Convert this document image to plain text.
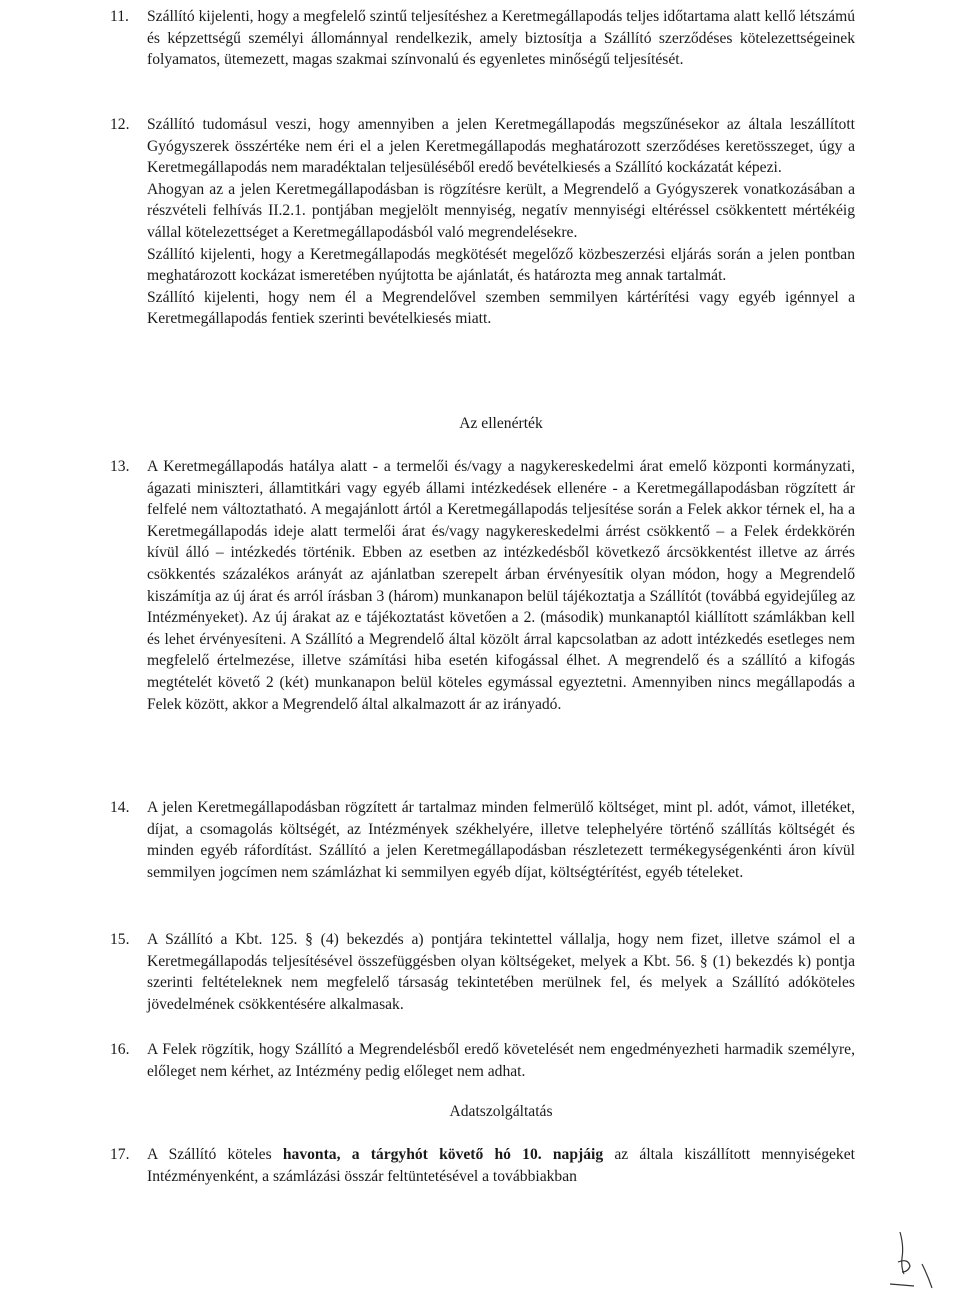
11. Szállító kijelenti, hogy a megfelelő szintű teljesítéshez a Keretmegállapodás teljes időtartama alatt kellő létszámú és képzettségű személyi állománnyal rendelkezik, amely biztosítja a Szállító szerződéses kötelezettségeinek folyamatos, ütemezett, magas szakmai színvonalú és egyenletes minőségű teljesítését.

12. Szállító tudomásul veszi, hogy amennyiben a jelen Keretmegállapodás megszűnésekor az általa leszállított Gyógyszerek összértéke nem éri el a jelen Keretmegállapodás meghatározott szerződéses keretösszeget, úgy a Keretmegállapodás nem maradéktalan teljesüléséből eredő bevételkiesés a Szállító kockázatát képezi.

Ahogyan az a jelen Keretmegállapodásban is rögzítésre került, a Megrendelő a Gyógyszerek vonatkozásában a részvételi felhívás II.2.1. pontjában megjelölt mennyiség, negatív mennyiségi eltéréssel csökkentett mértékéig vállal kötelezettséget a Keretmegállapodásból való megrendelésekre.

Szállító kijelenti, hogy a Keretmegállapodás megkötését megelőző közbeszerzési eljárás során a jelen pontban meghatározott kockázat ismeretében nyújtotta be ajánlatát, és határozta meg annak tartalmát.

Szállító kijelenti, hogy nem él a Megrendelővel szemben semmilyen kártérítési vagy egyéb igénnyel a Keretmegállapodás fentiek szerinti bevételkiesés miatt.

Az ellenérték
13. A Keretmegállapodás hatálya alatt - a termelői és/vagy a nagykereskedelmi árat emelő központi kormányzati, ágazati miniszteri, államtitkári vagy egyéb állami intézkedések ellenére - a Keretmegállapodásban rögzített ár felfelé nem változtatható. A megajánlott ártól a Keretmegállapodás teljesítése során a Felek akkor térnek el, ha a Keretmegállapodás ideje alatt termelői árat és/vagy nagykereskedelmi árrést csökkentő – a Felek érdekkörén kívül álló – intézkedés történik. Ebben az esetben az intézkedésből következő árcsökkentést illetve az árrés csökkentés százalékos arányát az ajánlatban szerepelt árban érvényesítik olyan módon, hogy a Megrendelő kiszámítja az új árat és arról írásban 3 (három) munkanapon belül tájékoztatja a Szállítót (továbbá egyidejűleg az Intézményeket). Az új árakat az e tájékoztatást követően a 2. (második) munkanaptól kiállított számlákban kell és lehet érvényesíteni. A Szállító a Megrendelő által közölt árral kapcsolatban az adott intézkedés esetleges nem megfelelő értelmezése, illetve számítási hiba esetén kifogással élhet. A megrendelő és a szállító a kifogás megtételét követő 2 (két) munkanapon belül köteles egymással egyeztetni. Amennyiben nincs megállapodás a Felek között, akkor a Megrendelő által alkalmazott ár az irányadó.

14. A jelen Keretmegállapodásban rögzített ár tartalmaz minden felmerülő költséget, mint pl. adót, vámot, illetéket, díjat, a csomagolás költségét, az Intézmények székhelyére, illetve telephelyére történő szállítás költségét és minden egyéb ráfordítást. Szállító a jelen Keretmegállapodásban részletezett termékegységenkénti áron kívül semmilyen jogcímen nem számlázhat ki semmilyen egyéb díjat, költségtérítést, egyéb tételeket.

15. A Szállító a Kbt. 125. § (4) bekezdés a) pontjára tekintettel vállalja, hogy nem fizet, illetve számol el a Keretmegállapodás teljesítésével összefüggésben olyan költségeket, melyek a Kbt. 56. § (1) bekezdés k) pontja szerinti feltételeknek nem megfelelő társaság tekintetében merülnek fel, és melyek a Szállító adóköteles jövedelmének csökkentésére alkalmasak.

16. A Felek rögzítik, hogy Szállító a Megrendelésből eredő követelését nem engedményezheti harmadik személyre, előleget nem kérhet, az Intézmény pedig előleget nem adhat.

Adatszolgáltatás
17. A Szállító köteles havonta, a tárgyhót követő hó 10. napjáig az általa kiszállított mennyiségeket Intézményenként, a számlázási összár feltüntetésével a továbbiakban
